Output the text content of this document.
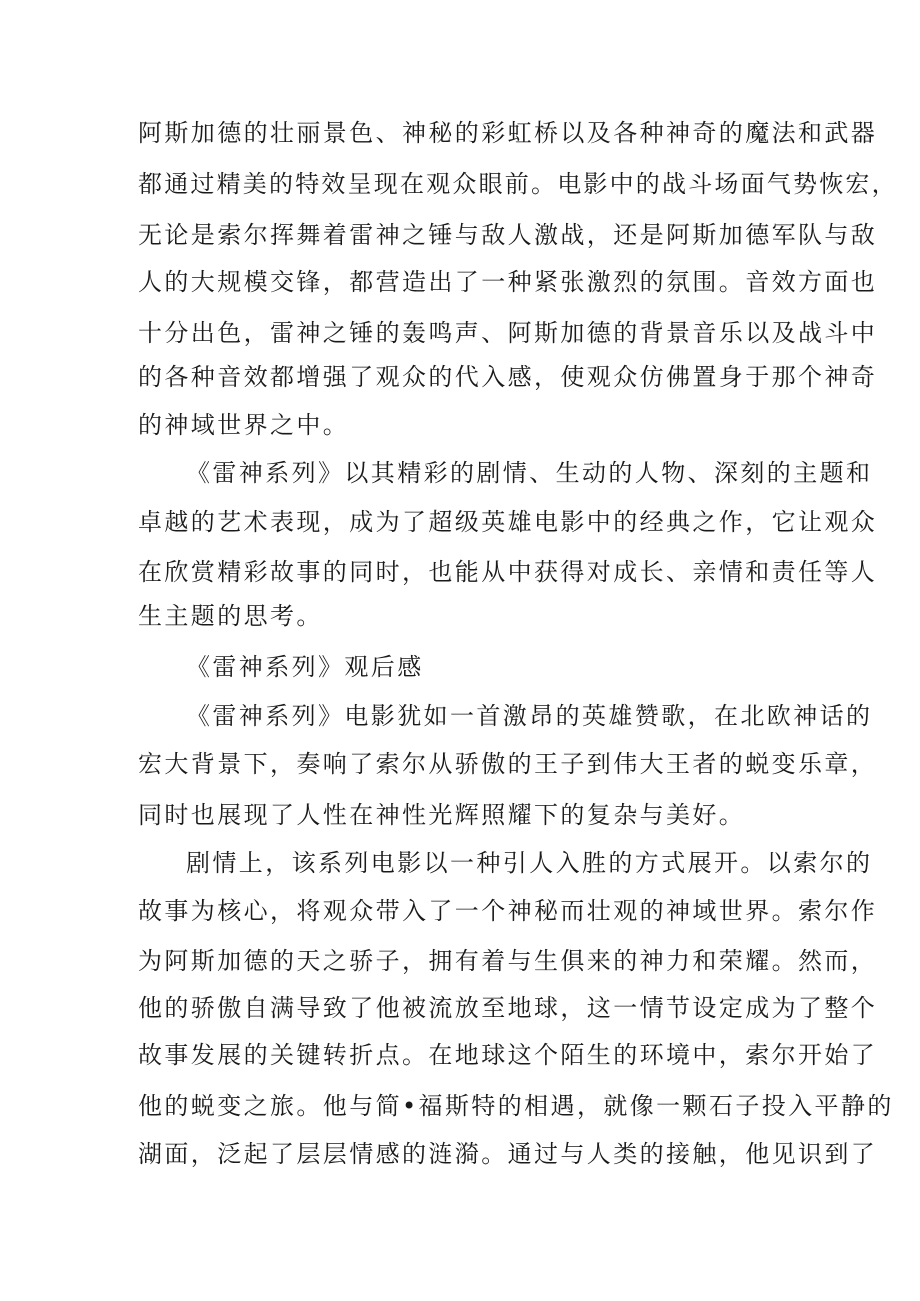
阿斯加德的壮丽景色、神秘的彩虹桥以及各种神奇的魔法和武器
都通过精美的特效呈现在观众眼前。电影中的战斗场面气势恢宏，
无论是索尔挥舞着雷神之锤与敌人激战，还是阿斯加德军队与敌
人的大规模交锋，都营造出了一种紧张激烈的氛围。音效方面也
十分出色，雷神之锤的轰鸣声、阿斯加德的背景音乐以及战斗中
的各种音效都增强了观众的代入感，使观众仿佛置身于那个神奇
的神域世界之中。
《雷神系列》以其精彩的剧情、生动的人物、深刻的主题和
卓越的艺术表现，成为了超级英雄电影中的经典之作，它让观众
在欣赏精彩故事的同时，也能从中获得对成长、亲情和责任等人
生主题的思考。
《雷神系列》观后感
《雷神系列》电影犹如一首激昂的英雄赞歌，在北欧神话的
宏大背景下，奏响了索尔从骄傲的王子到伟大王者的蜕变乐章，
同时也展现了人性在神性光辉照耀下的复杂与美好。
剧情上，该系列电影以一种引人入胜的方式展开。以索尔的
故事为核心，将观众带入了一个神秘而壮观的神域世界。索尔作
为阿斯加德的天之骄子，拥有着与生俱来的神力和荣耀。然而，
他的骄傲自满导致了他被流放至地球，这一情节设定成为了整个
故事发展的关键转折点。在地球这个陌生的环境中，索尔开始了
他的蜕变之旅。他与简•福斯特的相遇，就像一颗石子投入平静的
湖面，泛起了层层情感的涟漪。通过与人类的接触，他见识到了
